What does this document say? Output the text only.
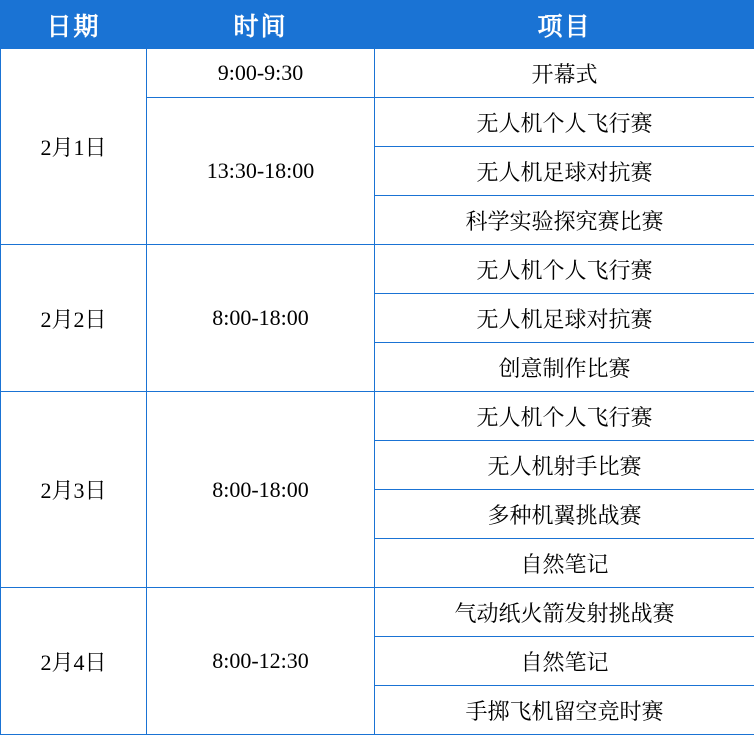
日期	时间	项目
2月1日	9:00-9:30	开幕式
	13:30-18:00	无人机个人飞行赛
		无人机足球对抗赛
		科学实验探究赛比赛
2月2日	8:00-18:00	无人机个人飞行赛
		无人机足球对抗赛
		创意制作比赛
2月3日	8:00-18:00	无人机个人飞行赛
		无人机射手比赛
		多种机翼挑战赛
		自然笔记
2月4日	8:00-12:30	气动纸火箭发射挑战赛
		自然笔记
		手掷飞机留空竞时赛
